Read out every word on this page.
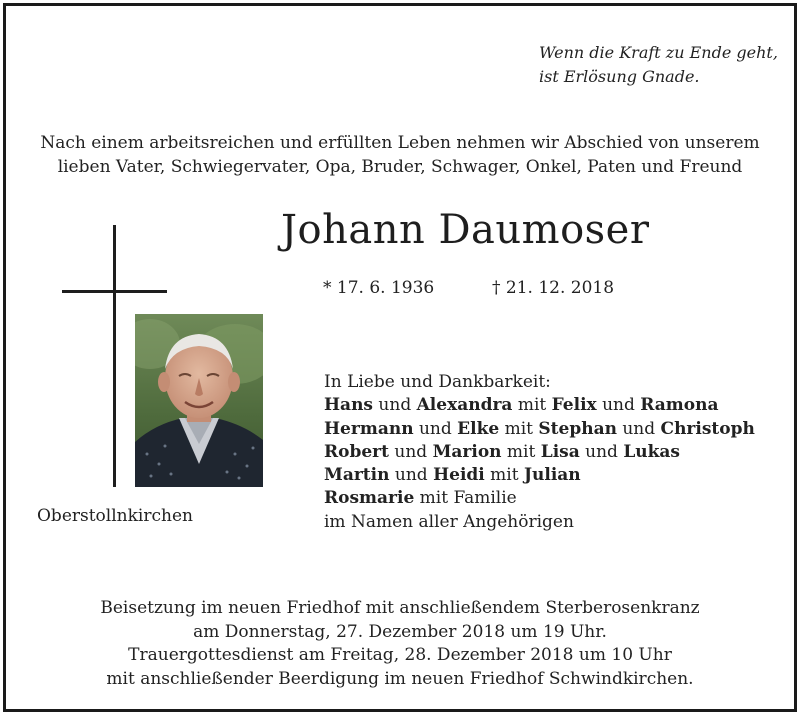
Wenn die Kraft zu Ende geht,
ist Erlösung Gnade.
Nach einem arbeitsreichen und erfüllten Leben nehmen wir Abschied von unserem
lieben Vater, Schwiegervater, Opa, Bruder, Schwager, Onkel, Paten und Freund
Johann Daumoser
* 17. 6. 1936	† 21. 12. 2018
Oberstollnkirchen
In Liebe und Dankbarkeit:
Hans und Alexandra mit Felix und Ramona
Hermann und Elke mit Stephan und Christoph
Robert und Marion mit Lisa und Lukas
Martin und Heidi mit Julian
Rosmarie mit Familie
im Namen aller Angehörigen
Beisetzung im neuen Friedhof mit anschließendem Sterberosenkranz
am Donnerstag, 27. Dezember 2018 um 19 Uhr.
Trauergottesdienst am Freitag, 28. Dezember 2018 um 10 Uhr
mit anschließender Beerdigung im neuen Friedhof Schwindkirchen.
